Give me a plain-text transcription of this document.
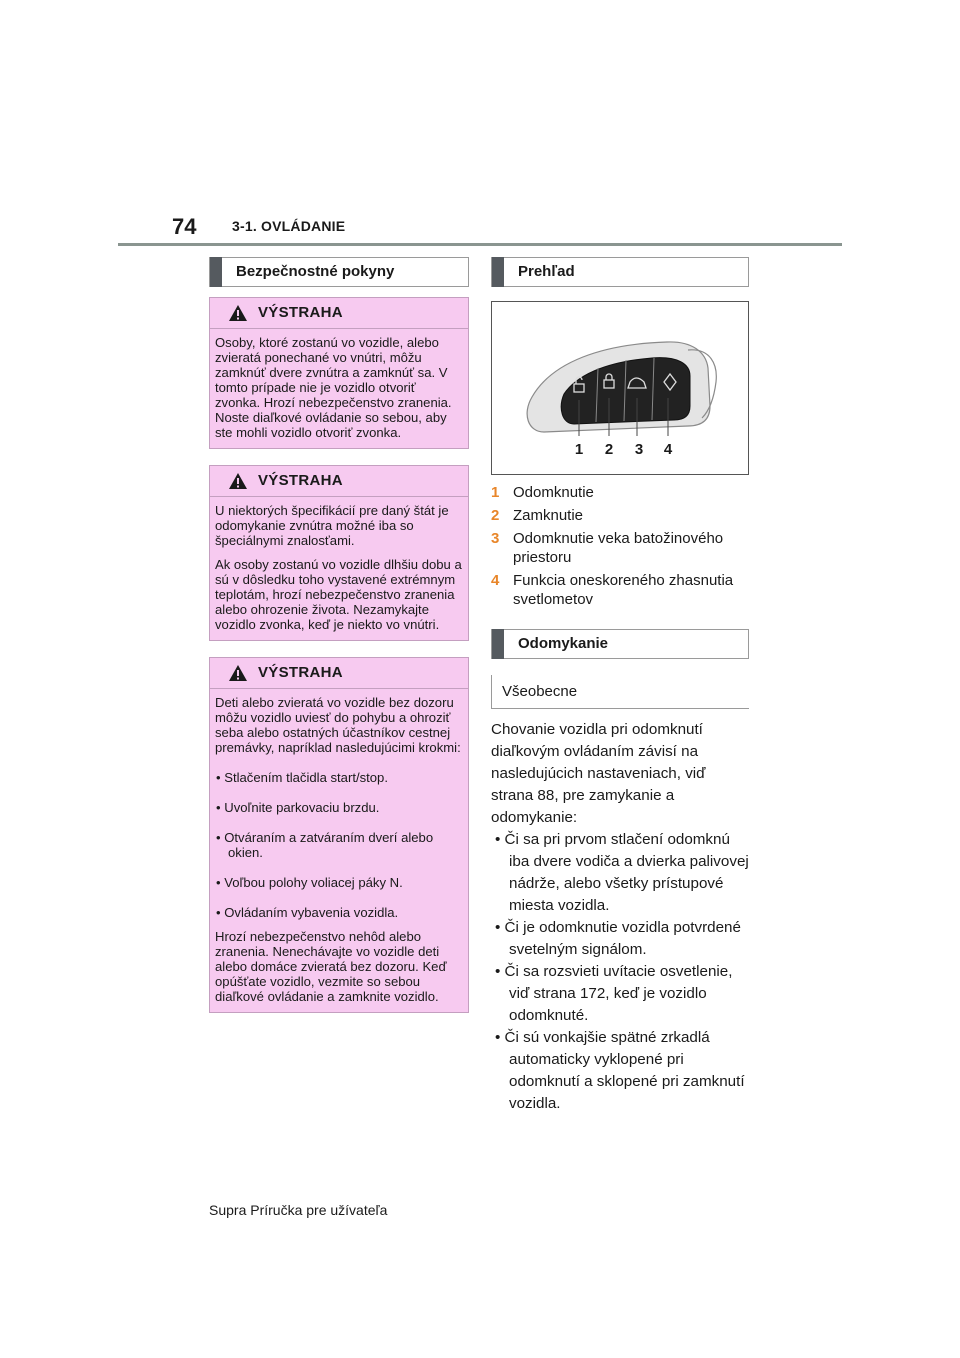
74	3-1. OVLÁDANIE
Bezpečnostné pokyny
VÝSTRAHA

Osoby, ktoré zostanú vo vozidle, alebo zvieratá ponechané vo vnútri, môžu zamknúť dvere zvnútra a zamknúť sa. V tomto prípade nie je vozidlo otvoriť zvonka. Hrozí nebezpečenstvo zranenia. Noste diaľkové ovládanie so sebou, aby ste mohli vozidlo otvoriť zvonka.

VÝSTRAHA

U niektorých špecifikácií pre daný štát je odomykanie zvnútra možné iba so špeciálnymi znalosťami.

Ak osoby zostanú vo vozidle dlhšiu dobu a sú v dôsledku toho vystavené extrémnym teplotám, hrozí nebezpečenstvo zranenia alebo ohrozenie života. Nezamykajte vozidlo zvonka, keď je niekto vo vnútri.

VÝSTRAHA

Deti alebo zvieratá vo vozidle bez dozoru môžu vozidlo uviesť do pohybu a ohroziť seba alebo ostatných účastníkov cestnej premávky, napríklad nasledujúcimi krokmi:

• Stlačením tlačidla start/stop.

• Uvoľnite parkovaciu brzdu.

• Otváraním a zatváraním dverí alebo okien.

• Voľbou polohy voliacej páky N.

• Ovládaním vybavenia vozidla.

Hrozí nebezpečenstvo nehôd alebo zranenia. Nenechávajte vo vozidle deti alebo domáce zvieratá bez dozoru. Keď opúšťate vozidlo, vezmite so sebou diaľkové ovládanie a zamknite vozidlo.

Prehľad
1 2 3 4
1 Odomknutie
2 Zamknutie
3 Odomknutie veka batožinového priestoru
4 Funkcia oneskoreného zhasnutia svetlometov
Odomykanie
Všeobecne

Chovanie vozidla pri odomknutí diaľkovým ovládaním závisí na nasledujúcich nastaveniach, viď strana 88, pre zamykanie a odomykanie:

• Či sa pri prvom stlačení odomknú iba dvere vodiča a dvierka palivovej nádrže, alebo všetky prístupové miesta vozidla.

• Či je odomknutie vozidla potvrdené svetelným signálom.

• Či sa rozsvieti uvítacie osvetlenie, viď strana 172, keď je vozidlo odomknuté.

• Či sú vonkajšie spätné zrkadlá automaticky vyklopené pri odomknutí a sklopené pri zamknutí vozidla.

Supra Príručka pre užívateľa
